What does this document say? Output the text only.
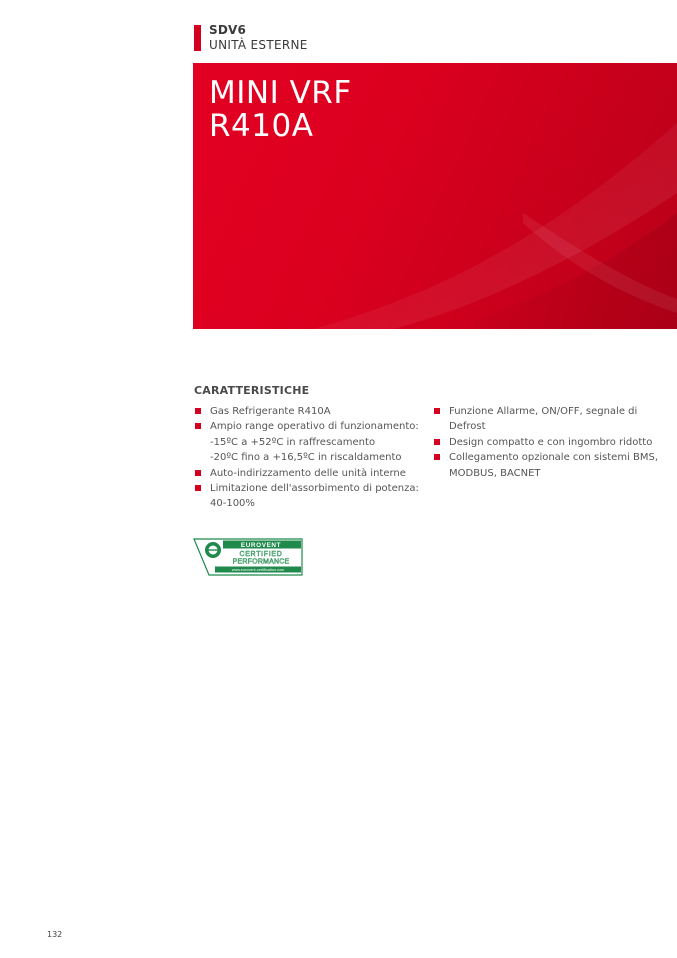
SDV6
UNITÀ ESTERNE
MINI VRF
R410A
CARATTERISTICHE
Gas Refrigerante R410A
Ampio range operativo di funzionamento:
-15ºC a +52ºC in raffrescamento
-20ºC fino a +16,5ºC in riscaldamento
Auto-indirizzamento delle unità interne
Limitazione dell'assorbimento di potenza: 40-100%
Funzione Allarme, ON/OFF, segnale di Defrost
Design compatto e con ingombro ridotto
Collegamento opzionale con sistemi BMS, MODBUS, BACNET
EUROVENT
CERTIFIED
PERFORMANCE
www.eurovent-certification.com
132
